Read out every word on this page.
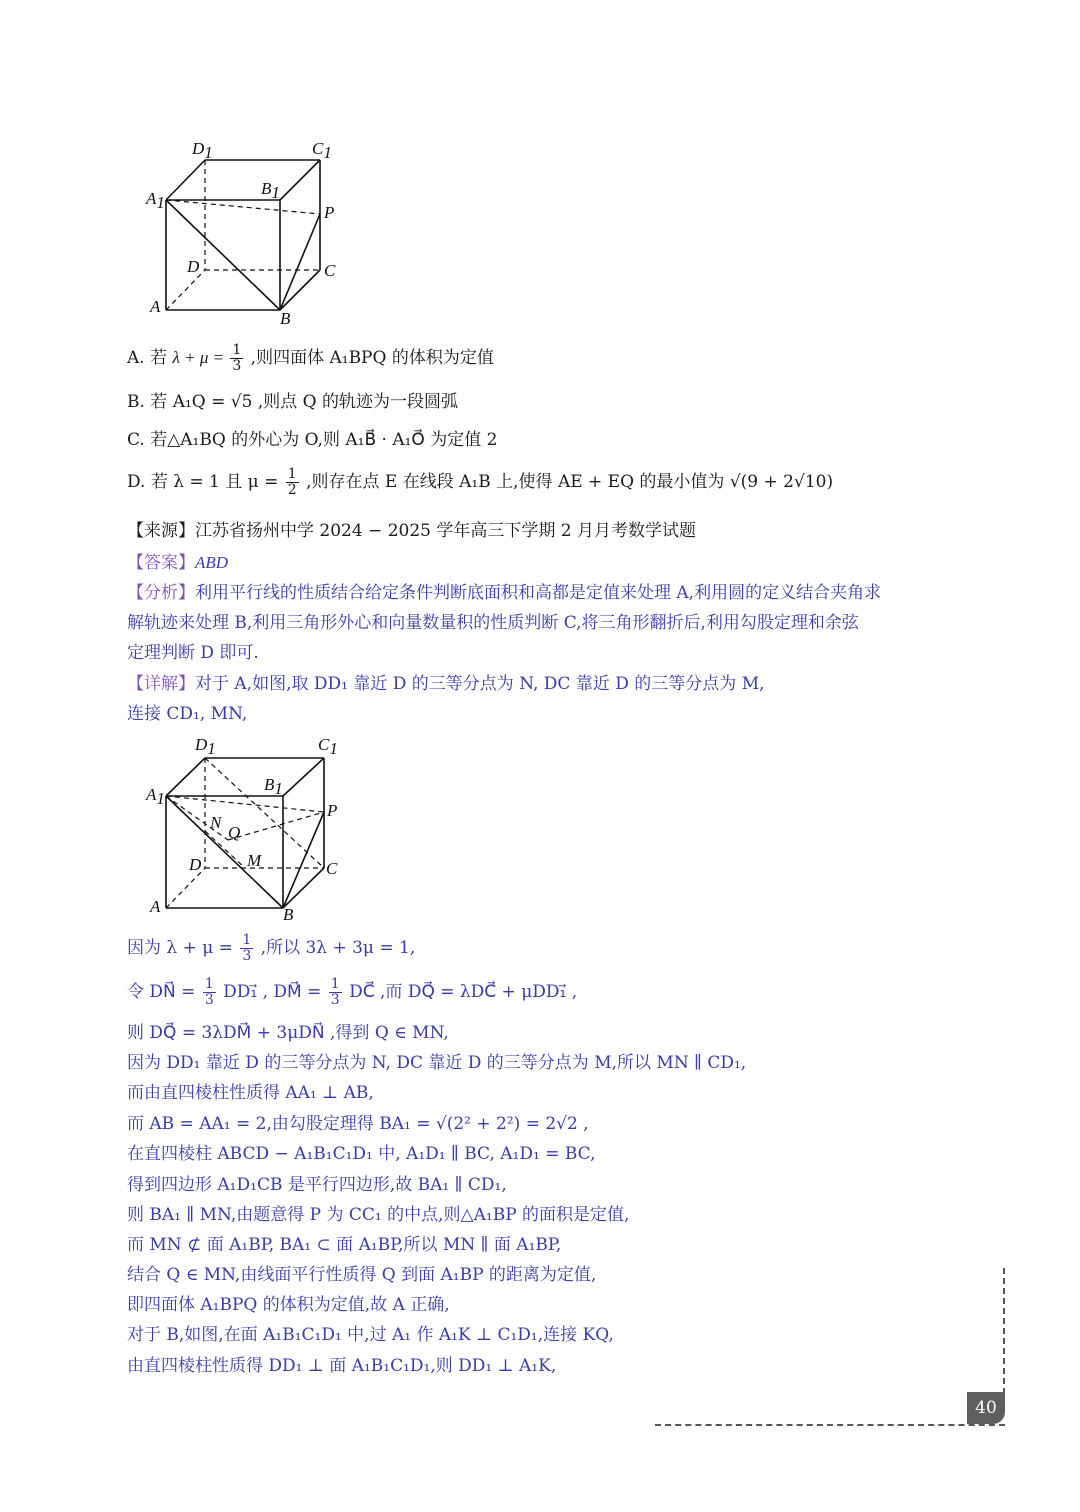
D1	C1
A1
B1
P
D	C
A
B
A. 若 $\lambda + \mu = \frac{1}{3}$ ,则四面体 A₁BPQ 的体积为定值
B. 若 A₁Q = √5 ,则点 Q 的轨迹为一段圆弧
C. 若△A₁BQ 的外心为 O,则 A₁B⃗ · A₁O⃗ 为定值 2
D. 若 λ = 1 且 $\mu = \frac{1}{2}$ ,则存在点 E 在线段 A₁B 上,使得 AE + EQ 的最小值为 √(9 + 2√10)
【来源】江苏省扬州中学 2024 − 2025 学年高三下学期 2 月月考数学试题
【答案】ABD
【分析】利用平行线的性质结合给定条件判断底面积和高都是定值来处理 A,利用圆的定义结合夹角求
解轨迹来处理 B,利用三角形外心和向量数量积的性质判断 C,将三角形翻折后,利用勾股定理和余弦
定理判断 D 即可.
【详解】对于 A,如图,取 DD₁ 靠近 D 的三等分点为 N, DC 靠近 D 的三等分点为 M,
连接 CD₁, MN,
D1	C1
A1
B1
P
N
Q
M
D	C
A	B
因为 $\lambda + \mu = \frac{1}{3}$ ,所以 3λ + 3μ = 1,
令 DN⃗ = $\frac{1}{3}$ DD₁⃗ , DM⃗ = $\frac{1}{3}$ DC⃗ ,而 DQ⃗ = λDC⃗ + μDD₁⃗ ,
则 DQ⃗ = 3λDM⃗ + 3μDN⃗ ,得到 Q ∈ MN,
因为 DD₁ 靠近 D 的三等分点为 N, DC 靠近 D 的三等分点为 M,所以 MN ∥ CD₁,
而由直四棱柱性质得 AA₁ ⊥ AB,
而 AB = AA₁ = 2,由勾股定理得 BA₁ = √(2² + 2²) = 2√2 ,
在直四棱柱 ABCD − A₁B₁C₁D₁ 中, A₁D₁ ∥ BC, A₁D₁ = BC,
得到四边形 A₁D₁CB 是平行四边形,故 BA₁ ∥ CD₁,
则 BA₁ ∥ MN,由题意得 P 为 CC₁ 的中点,则△A₁BP 的面积是定值,
而 MN ⊄ 面 A₁BP, BA₁ ⊂ 面 A₁BP,所以 MN ∥ 面 A₁BP,
结合 Q ∈ MN,由线面平行性质得 Q 到面 A₁BP 的距离为定值,
即四面体 A₁BPQ 的体积为定值,故 A 正确,
对于 B,如图,在面 A₁B₁C₁D₁ 中,过 A₁ 作 A₁K ⊥ C₁D₁,连接 KQ,
由直四棱柱性质得 DD₁ ⊥ 面 A₁B₁C₁D₁,则 DD₁ ⊥ A₁K,
40
